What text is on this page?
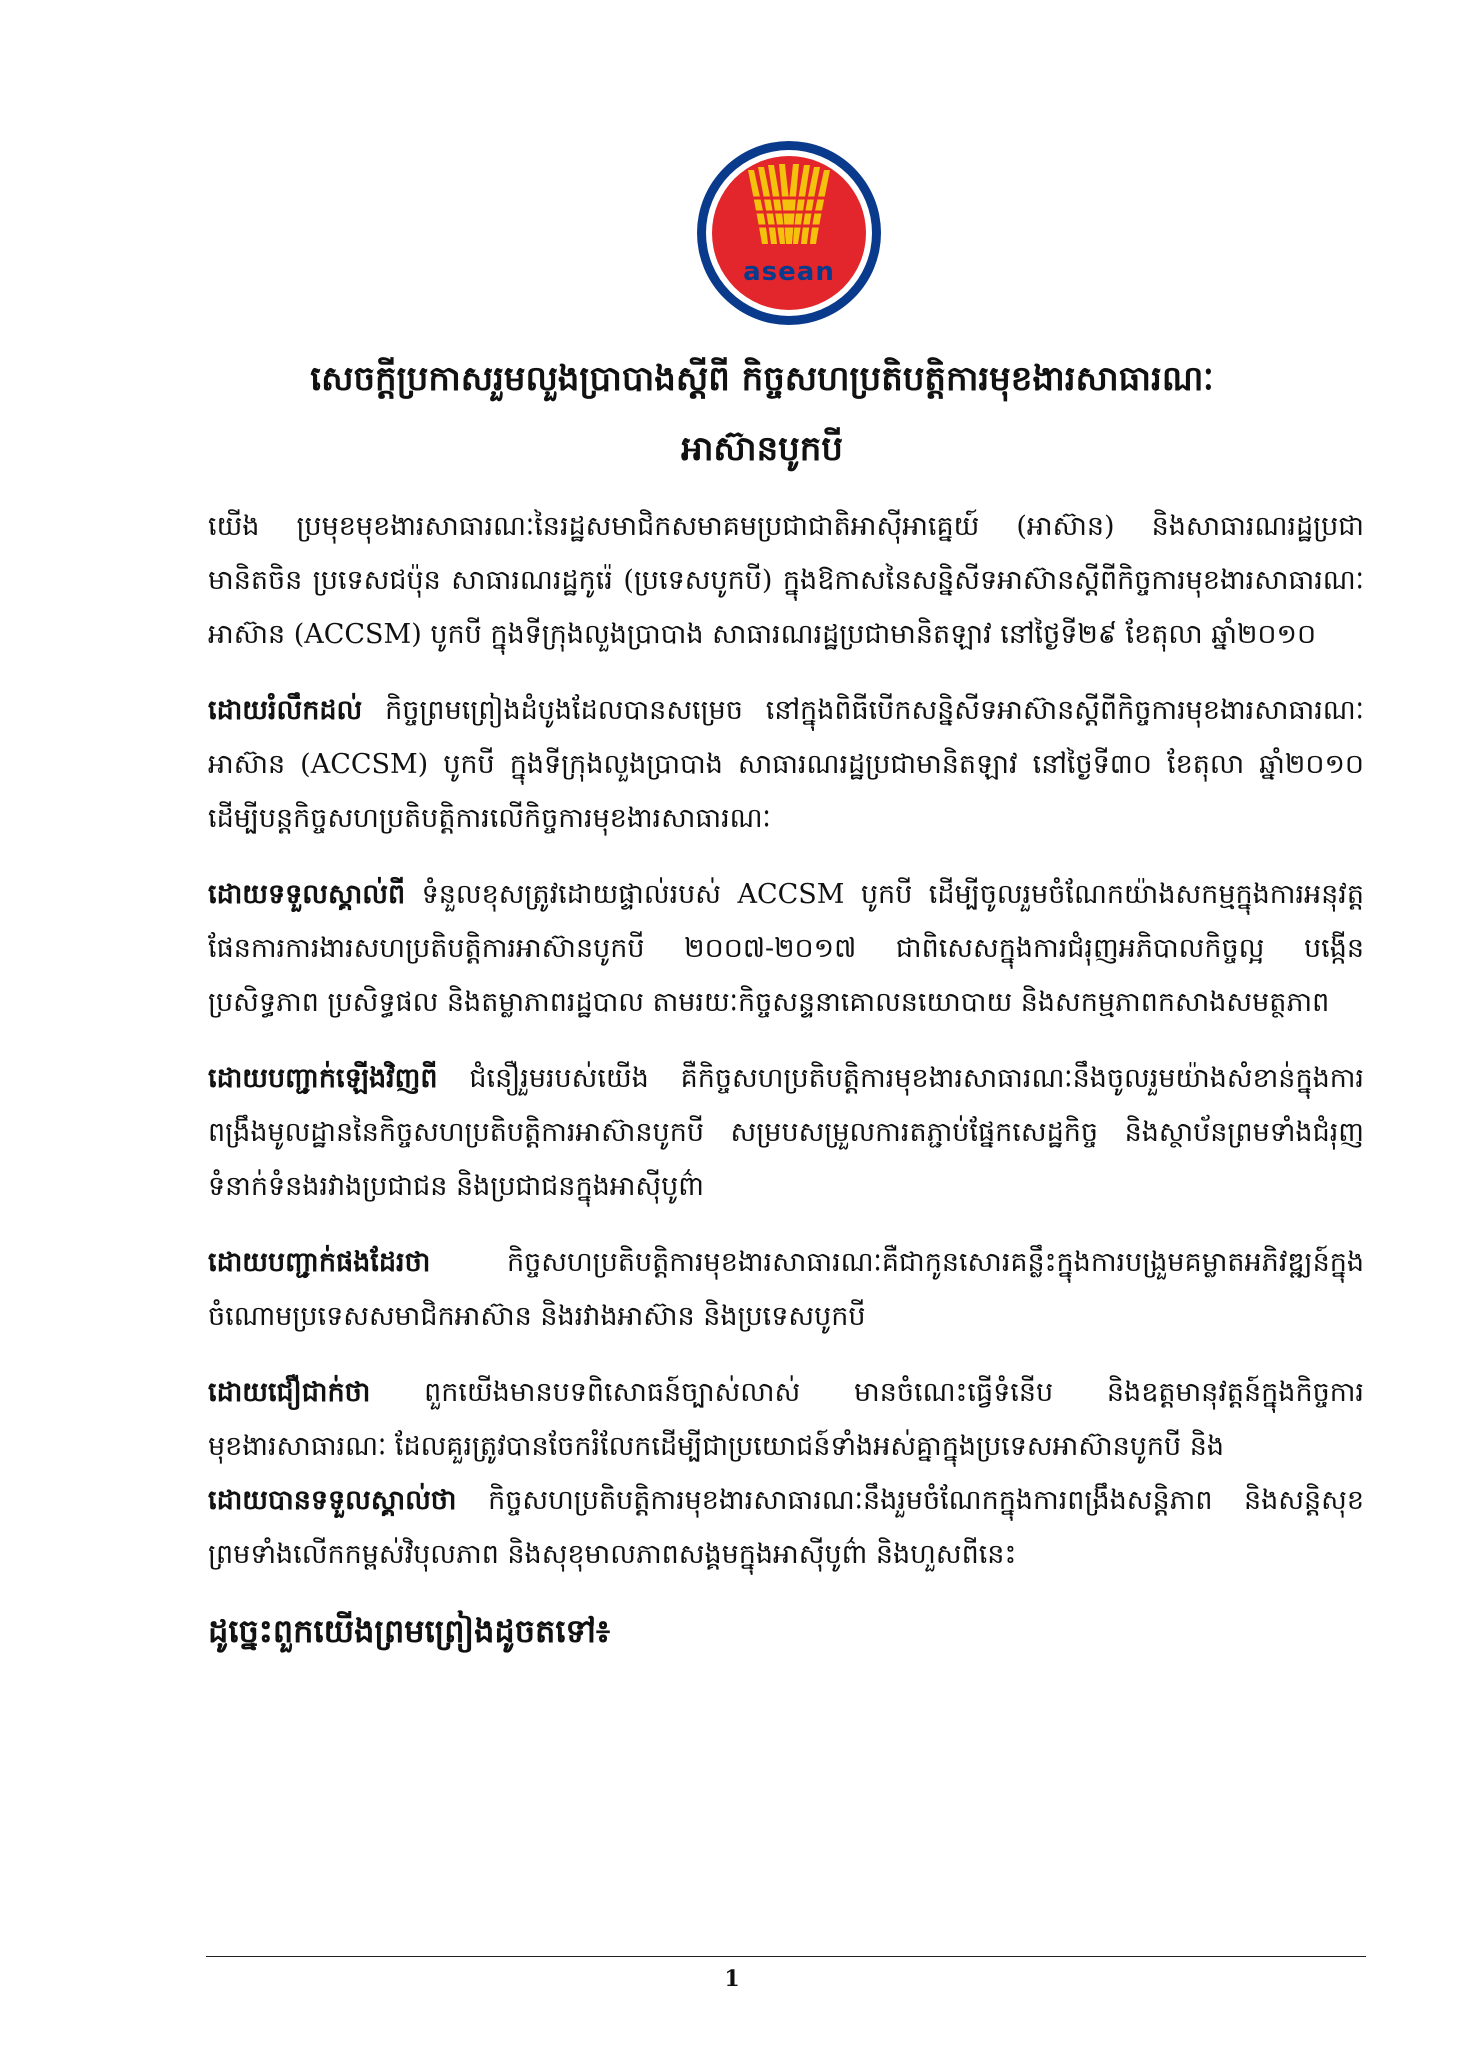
asean
សេចក្តីប្រកាសរួមលួងប្រាបាងស្តីពី កិច្ចសហប្រតិបត្តិការមុខងារសាធារណៈ
អាស៊ានបូកបី

យើង ប្រមុខមុខងារសាធារណៈនៃរដ្ឋសមាជិកសមាគមប្រជាជាតិអាស៊ីអាគ្នេយ៍ (អាស៊ាន) និងសាធារណរដ្ឋប្រជាមានិតចិន ប្រទេសជប៉ុន សាធារណរដ្ឋកូរ៉េ (ប្រទេសបូកបី) ក្នុងឱកាសនៃសន្និសីទអាស៊ានស្តីពីកិច្ចការមុខងារសាធារណៈអាស៊ាន (ACCSM) បូកបី ក្នុងទីក្រុងលួងប្រាបាង សាធារណរដ្ឋប្រជាមានិតឡាវ នៅថ្ងៃទី២៩ ខែតុលា ឆ្នាំ២០១០

ដោយរំលឹកដល់ កិច្ចព្រមព្រៀងដំបូងដែលបានសម្រេច នៅក្នុងពិធីបើកសន្និសីទអាស៊ានស្តីពីកិច្ចការមុខងារសាធារណៈអាស៊ាន (ACCSM) បូកបី ក្នុងទីក្រុងលួងប្រាបាង សាធារណរដ្ឋប្រជាមានិតឡាវ នៅថ្ងៃទី៣០ ខែតុលា ឆ្នាំ២០១០ ដើម្បីបន្តកិច្ចសហប្រតិបត្តិការលើកិច្ចការមុខងារសាធារណៈ

ដោយទទួលស្គាល់ពី ទំនួលខុសត្រូវដោយផ្ទាល់របស់ ACCSM បូកបី ដើម្បីចូលរួមចំណែកយ៉ាងសកម្មក្នុងការអនុវត្តផែនការការងារសហប្រតិបត្តិការអាស៊ានបូកបី ២០០៧-២០១៧ ជាពិសេសក្នុងការជំរុញអភិបាលកិច្ចល្អ បង្កើនប្រសិទ្ធភាព ប្រសិទ្ធផល និងតម្លាភាពរដ្ឋបាល តាមរយៈកិច្ចសន្ទនាគោលនយោបាយ និងសកម្មភាពកសាងសមត្ថភាព

ដោយបញ្ជាក់ឡើងវិញពី ជំនឿរួមរបស់យើង គឺកិច្ចសហប្រតិបត្តិការមុខងារសាធារណៈនឹងចូលរួមយ៉ាងសំខាន់ក្នុងការពង្រឹងមូលដ្ឋាននៃកិច្ចសហប្រតិបត្តិការអាស៊ានបូកបី សម្របសម្រួលការតភ្ជាប់ផ្នែកសេដ្ឋកិច្ច និងស្ថាប័នព្រមទាំងជំរុញទំនាក់ទំនងរវាងប្រជាជន និងប្រជាជនក្នុងអាស៊ីបូព៌ា

ដោយបញ្ជាក់ផងដែរថា កិច្ចសហប្រតិបត្តិការមុខងារសាធារណៈគឺជាកូនសោរគន្លឹះក្នុងការបង្រួមគម្លាតអភិវឌ្ឍន៍ក្នុងចំណោមប្រទេសសមាជិកអាស៊ាន និងរវាងអាស៊ាន និងប្រទេសបូកបី

ដោយជឿជាក់ថា ពួកយើងមានបទពិសោធន៍ច្បាស់លាស់ មានចំណេះធ្វើទំនើប និងឧត្តមានុវត្តន៍ក្នុងកិច្ចការមុខងារសាធារណៈ ដែលគួរត្រូវបានចែករំលែកដើម្បីជាប្រយោជន៍ទាំងអស់គ្នាក្នុងប្រទេសអាស៊ានបូកបី និង

ដោយបានទទួលស្គាល់ថា កិច្ចសហប្រតិបត្តិការមុខងារសាធារណៈនឹងរួមចំណែកក្នុងការពង្រឹងសន្តិភាព និងសន្តិសុខ ព្រមទាំងលើកកម្ពស់វិបុលភាព និងសុខុមាលភាពសង្គមក្នុងអាស៊ីបូព៌ា និងហួសពីនេះ

ដូច្នេះពួកយើងព្រមព្រៀងដូចតទៅ៖
1
